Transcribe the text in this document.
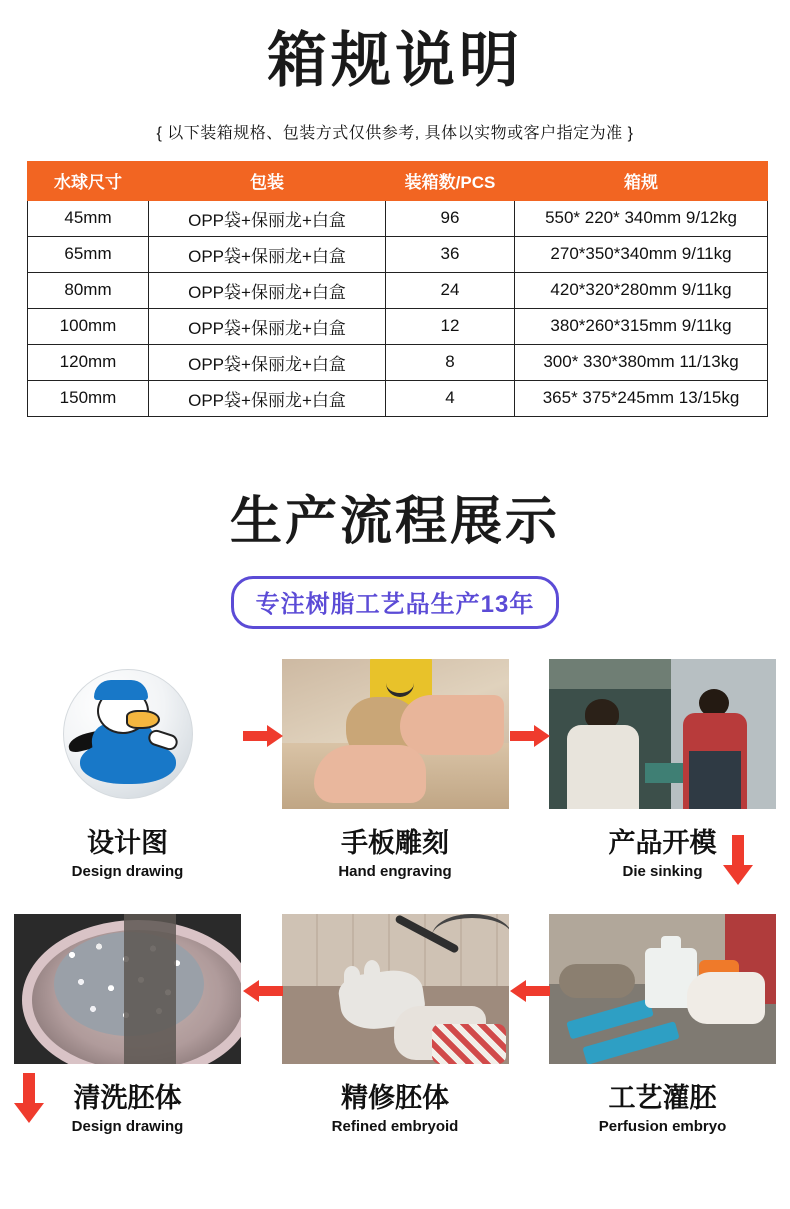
箱规说明
{ 以下装箱规格、包装方式仅供参考, 具体以实物或客户指定为准 }
水球尺寸	包装	装箱数/PCS	箱规
45mm	OPP袋+保丽龙+白盒	96	550* 220* 340mm 9/12kg
65mm	OPP袋+保丽龙+白盒	36	270*350*340mm 9/11kg
80mm	OPP袋+保丽龙+白盒	24	420*320*280mm 9/11kg
100mm	OPP袋+保丽龙+白盒	12	380*260*315mm 9/11kg
120mm	OPP袋+保丽龙+白盒	8	300* 330*380mm 11/13kg
150mm	OPP袋+保丽龙+白盒	4	365* 375*245mm 13/15kg
生产流程展示
专注树脂工艺品生产13年
设计图
Design drawing
手板雕刻
Hand engraving
产品开模
Die sinking
清洗胚体
Design drawing
精修胚体
Refined embryoid
工艺灌胚
Perfusion embryo
